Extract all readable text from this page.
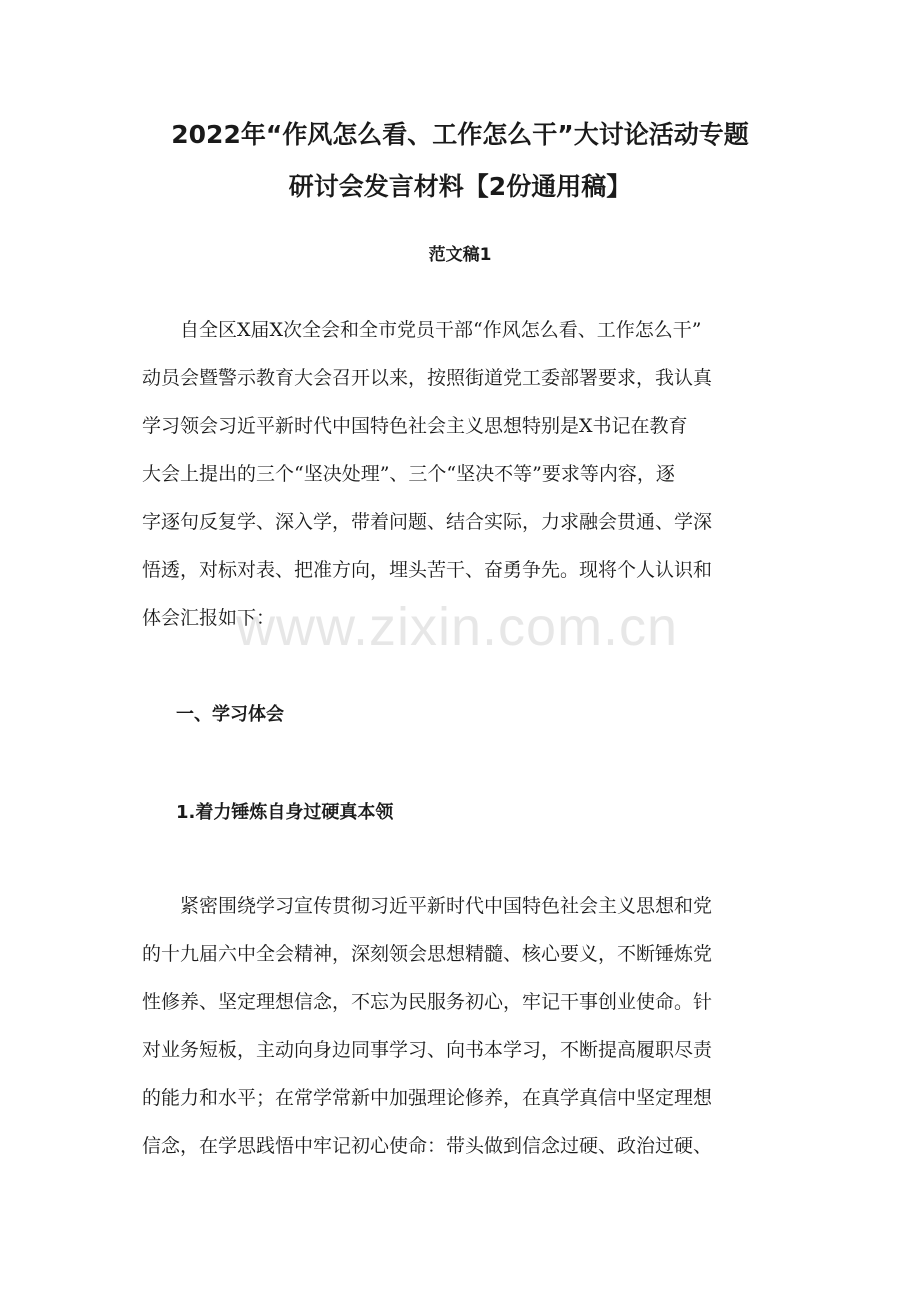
2022年“作风怎么看、工作怎么干”大讨论活动专题
研讨会发言材料【2份通用稿】
范文稿1
自全区X届X次全会和全市党员干部“作风怎么看、工作怎么干”
动员会暨警示教育大会召开以来，按照街道党工委部署要求，我认真
学习领会习近平新时代中国特色社会主义思想特别是X书记在教育
大会上提出的三个“坚决处理”、三个“坚决不等”要求等内容，逐
字逐句反复学、深入学，带着问题、结合实际，力求融会贯通、学深
悟透，对标对表、把准方向，埋头苦干、奋勇争先。现将个人认识和
体会汇报如下：
www.zixin.com.cn
一、学习体会
1.着力锤炼自身过硬真本领
紧密围绕学习宣传贯彻习近平新时代中国特色社会主义思想和党
的十九届六中全会精神，深刻领会思想精髓、核心要义，不断锤炼党
性修养、坚定理想信念，不忘为民服务初心，牢记干事创业使命。针
对业务短板，主动向身边同事学习、向书本学习，不断提高履职尽责
的能力和水平；在常学常新中加强理论修养，在真学真信中坚定理想
信念，在学思践悟中牢记初心使命：带头做到信念过硬、政治过硬、
